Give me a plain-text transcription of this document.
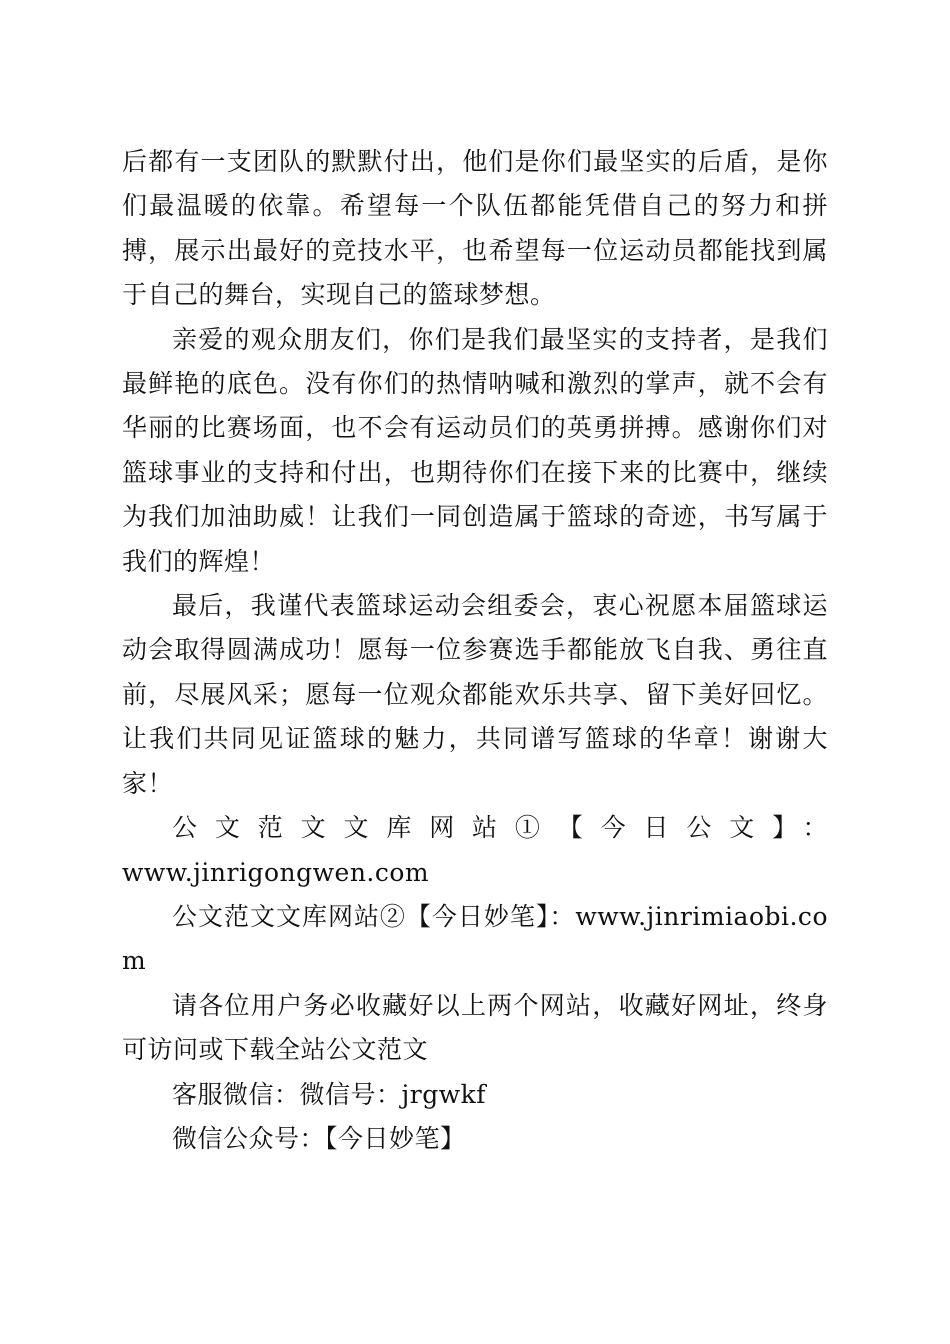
后都有一支团队的默默付出，他们是你们最坚实的后盾，是你们最温暖的依靠。希望每一个队伍都能凭借自己的努力和拼搏，展示出最好的竞技水平，也希望每一位运动员都能找到属于自己的舞台，实现自己的篮球梦想。

亲爱的观众朋友们，你们是我们最坚实的支持者，是我们最鲜艳的底色。没有你们的热情呐喊和激烈的掌声，就不会有华丽的比赛场面，也不会有运动员们的英勇拼搏。感谢你们对篮球事业的支持和付出，也期待你们在接下来的比赛中，继续为我们加油助威！让我们一同创造属于篮球的奇迹，书写属于我们的辉煌！

最后，我谨代表篮球运动会组委会，衷心祝愿本届篮球运动会取得圆满成功！愿每一位参赛选手都能放飞自我、勇往直前，尽展风采；愿每一位观众都能欢乐共享、留下美好回忆。让我们共同见证篮球的魅力，共同谱写篮球的华章！谢谢大家！

公文范文文库网站①【今日公文】：

www.jinrigongwen.com

公文范文文库网站②【今日妙笔】：www.jinrimiaobi.com

请各位用户务必收藏好以上两个网站，收藏好网址，终身可访问或下载全站公文范文

客服微信：微信号：jrgwkf

微信公众号：【今日妙笔】
